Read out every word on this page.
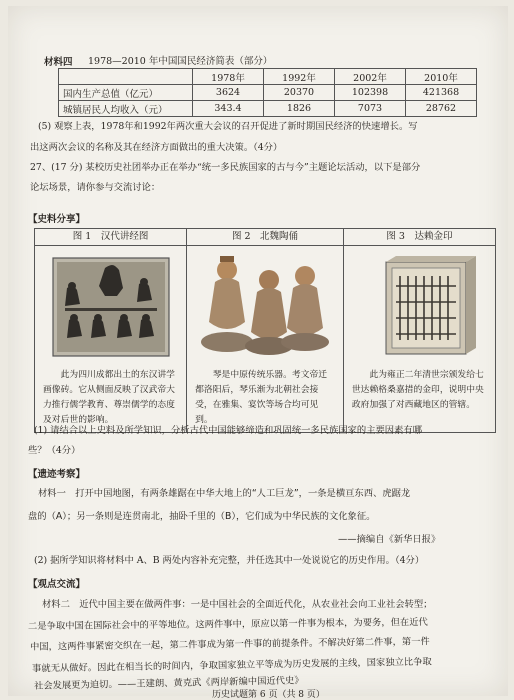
材料四 1978—2010 年中国国民经济简表（部分）
	1978年	1992年	2002年	2010年
国内生产总值（亿元）	3624	20370	102398	421368
城镇居民人均收入（元）	343.4	1826	7073	28762
(5) 观察上表，1978年和1992年两次重大会议的召开促进了新时期国民经济的快速增长。写
出这两次会议的名称及其在经济方面做出的重大决策。（4分）
27、(17 分) 某校历史社团举办正在举办“统一多民族国家的古与今”主题论坛活动，以下是部分
论坛场景，请你参与交流讨论：
【史料分享】
图 1　汉代讲经图
此为四川成都出土的东汉讲学画像砖。它从侧面反映了汉武帝大力推行儒学教育、尊崇儒学的态度及对后世的影响。

图 2　北魏陶俑
琴是中原传统乐器。考文帝迁都洛阳后，琴乐渐为北朝社会接受，在雅集、宴饮等场合均可见到。

图 3　达赖金印
此为雍正二年清世宗颁发给七世达赖格桑嘉措的金印，说明中央政府加强了对西藏地区的管辖。
(1) 请结合以上史料及所学知识，分析古代中国能够缔造和巩固统一多民族国家的主要因素有哪
些？（4分）
【遗迹考察】
材料一　打开中国地图，有两条雄踞在中华大地上的“人工巨龙”，一条是横亘东西、虎踞龙
盘的（A）；另一条则是连贯南北，抽卧千里的（B），它们成为中华民族的文化象征。
——摘编自《新华日报》
(2) 据所学知识将材料中 A、B 两处内容补充完整，并任选其中一处说说它的历史作用。（4分）
【观点交流】
材料二　近代中国主要在做两件事：一是中国社会的全面近代化，从农业社会向工业社会转型；
二是争取中国在国际社会中的平等地位。这两件事中，原应以第一件事为根本，为要务，但在近代
中国，这两件事紧密交织在一起，第二件事成为第一件事的前提条件。不解决好第二件事，第一件
事就无从做好。因此在相当长的时间内，争取国家独立平等成为历史发展的主线，国家独立比争取
社会发展更为迫切。——王建朗、黄克武《两岸新编中国近代史》
历史试题第 6 页（共 8 页）
